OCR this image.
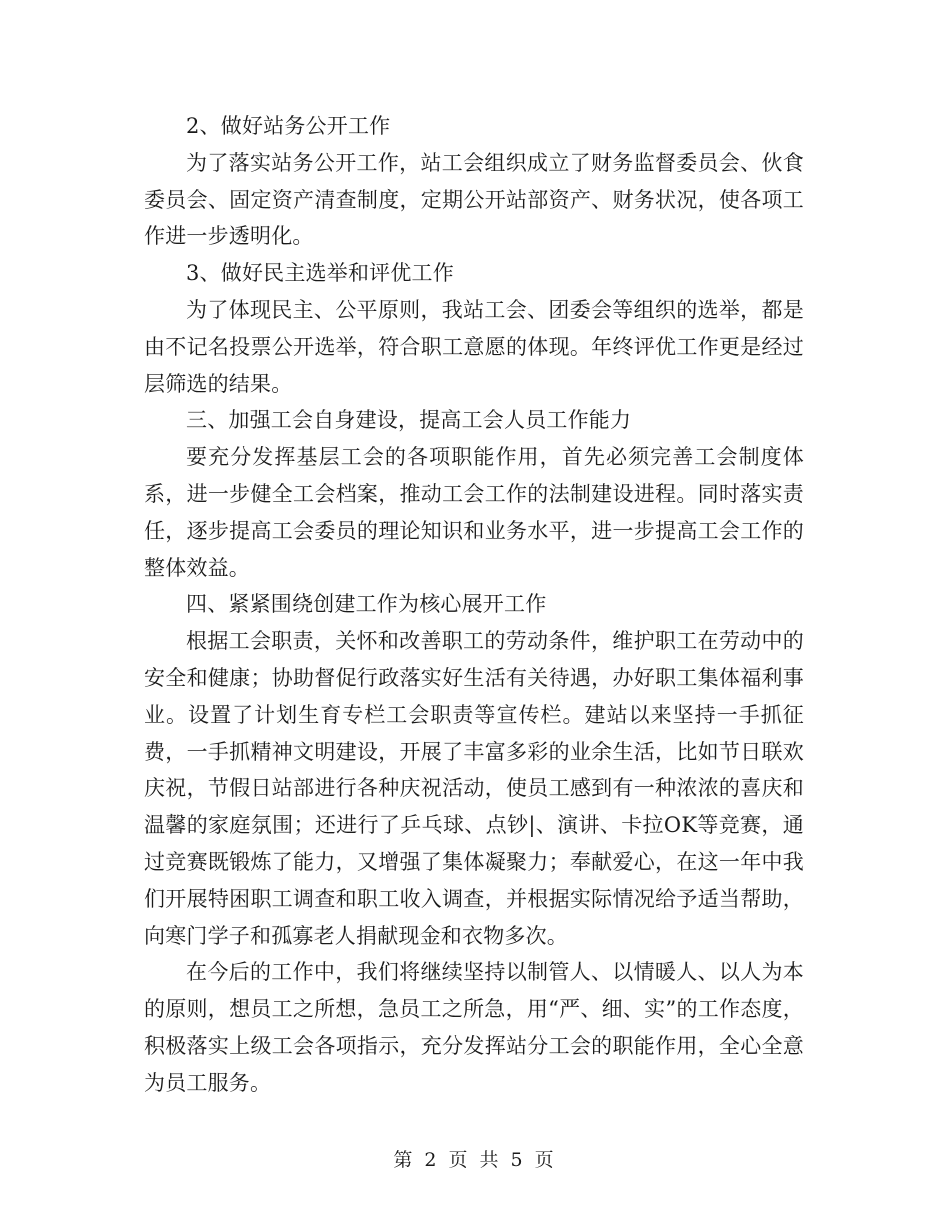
2、做好站务公开工作

为了落实站务公开工作，站工会组织成立了财务监督委员会、伙食委员会、固定资产清查制度，定期公开站部资产、财务状况，使各项工作进一步透明化。

3、做好民主选举和评优工作

为了体现民主、公平原则，我站工会、团委会等组织的选举，都是由不记名投票公开选举，符合职工意愿的体现。年终评优工作更是经过层筛选的结果。

三、加强工会自身建设，提高工会人员工作能力

要充分发挥基层工会的各项职能作用，首先必须完善工会制度体系，进一步健全工会档案，推动工会工作的法制建设进程。同时落实责任，逐步提高工会委员的理论知识和业务水平，进一步提高工会工作的整体效益。

四、紧紧围绕创建工作为核心展开工作

根据工会职责，关怀和改善职工的劳动条件，维护职工在劳动中的安全和健康；协助督促行政落实好生活有关待遇，办好职工集体福利事业。设置了计划生育专栏工会职责等宣传栏。建站以来坚持一手抓征费，一手抓精神文明建设，开展了丰富多彩的业余生活，比如节日联欢庆祝，节假日站部进行各种庆祝活动，使员工感到有一种浓浓的喜庆和温馨的家庭氛围；还进行了乒乓球、点钞|、演讲、卡拉OK等竞赛，通过竞赛既锻炼了能力，又增强了集体凝聚力；奉献爱心，在这一年中我们开展特困职工调查和职工收入调查，并根据实际情况给予适当帮助，向寒门学子和孤寡老人捐献现金和衣物多次。

在今后的工作中，我们将继续坚持以制管人、以情暖人、以人为本的原则，想员工之所想，急员工之所急，用“严、细、实”的工作态度，积极落实上级工会各项指示，充分发挥站分工会的职能作用，全心全意为员工服务。

第 2 页 共 5 页
